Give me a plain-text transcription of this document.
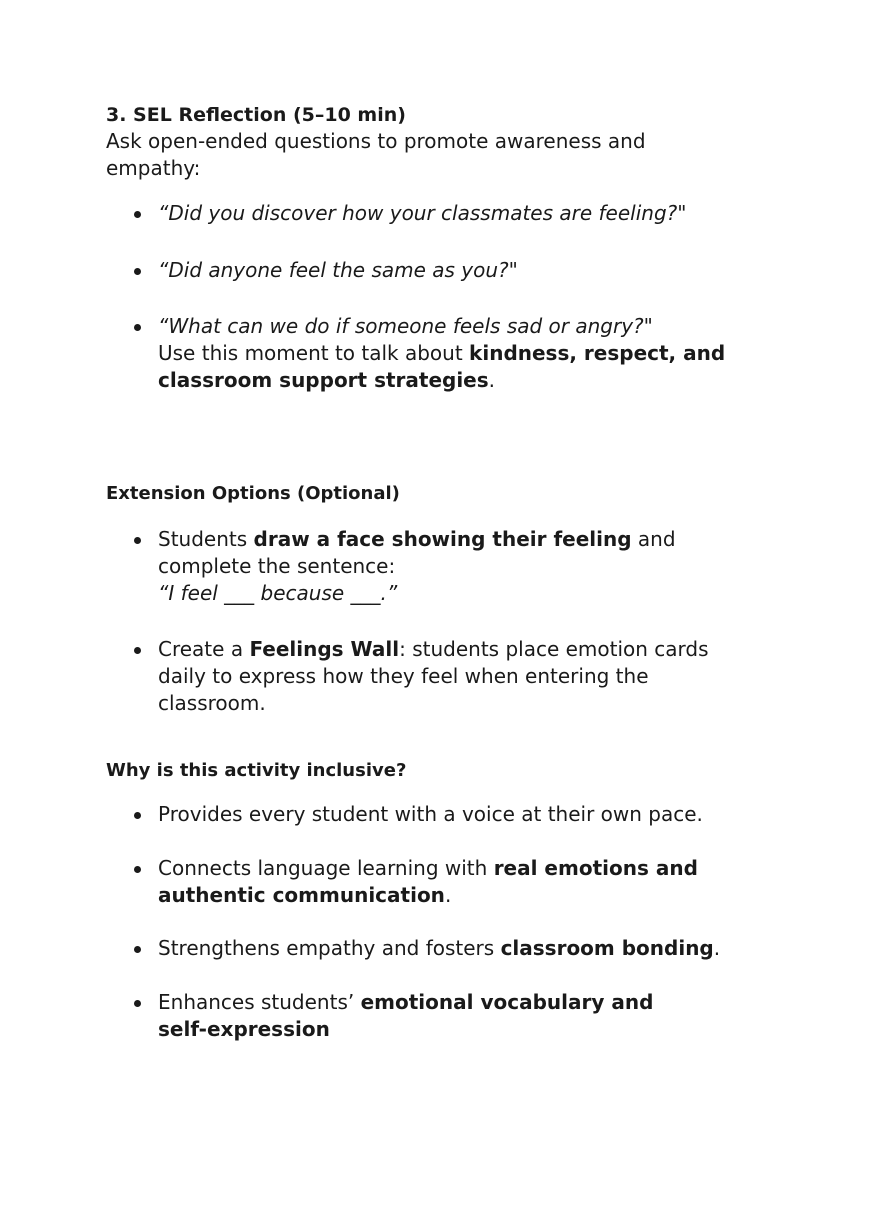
3. SEL Reflection (5–10 min)
Ask open-ended questions to promote awareness and empathy:
“Did you discover how your classmates are feeling?"
“Did anyone feel the same as you?"
“What can we do if someone feels sad or angry?"
Use this moment to talk about kindness, respect, and classroom support strategies.
Extension Options (Optional)
Students draw a face showing their feeling and complete the sentence:
“I feel ___ because ___.”
Create a Feelings Wall: students place emotion cards daily to express how they feel when entering the classroom.
Why is this activity inclusive?
Provides every student with a voice at their own pace.
Connects language learning with real emotions and authentic communication.
Strengthens empathy and fosters classroom bonding.
Enhances students’ emotional vocabulary and self-expression
